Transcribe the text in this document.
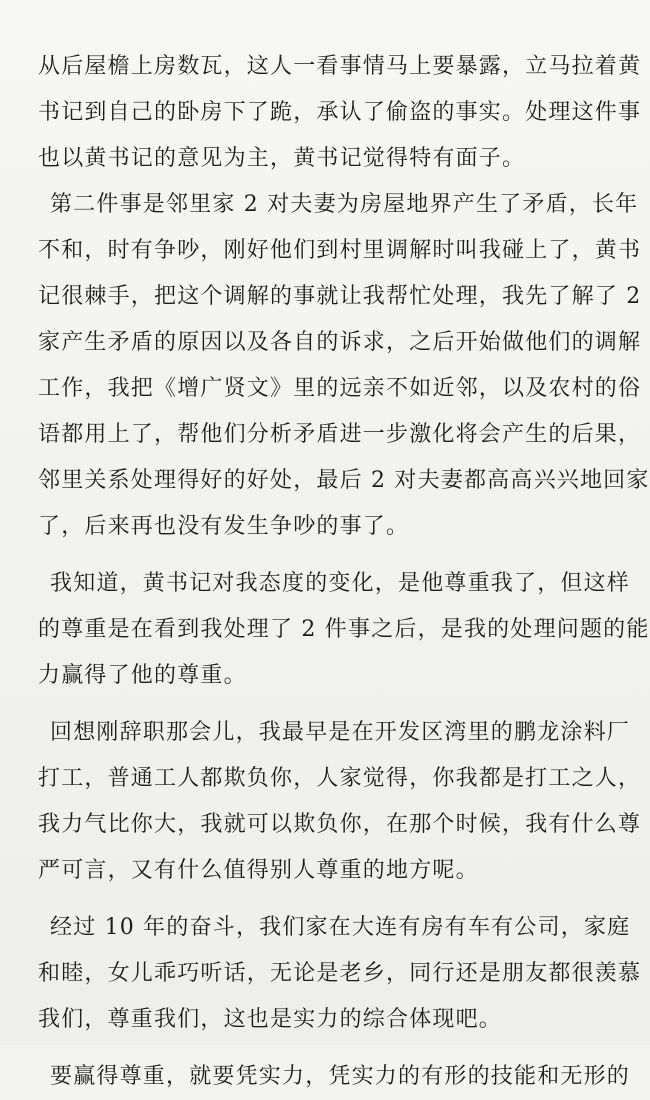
从后屋檐上房数瓦，这人一看事情马上要暴露，立马拉着黄
书记到自己的卧房下了跪，承认了偷盗的事实。处理这件事
也以黄书记的意见为主，黄书记觉得特有面子。
第二件事是邻里家 2 对夫妻为房屋地界产生了矛盾，长年
不和，时有争吵，刚好他们到村里调解时叫我碰上了，黄书
记很棘手，把这个调解的事就让我帮忙处理，我先了解了 2
家产生矛盾的原因以及各自的诉求，之后开始做他们的调解
工作，我把《增广贤文》里的远亲不如近邻，以及农村的俗
语都用上了，帮他们分析矛盾进一步激化将会产生的后果，
邻里关系处理得好的好处，最后 2 对夫妻都高高兴兴地回家
了，后来再也没有发生争吵的事了。
我知道，黄书记对我态度的变化，是他尊重我了，但这样
的尊重是在看到我处理了 2 件事之后，是我的处理问题的能
力赢得了他的尊重。
回想刚辞职那会儿，我最早是在开发区湾里的鹏龙涂料厂
打工，普通工人都欺负你，人家觉得，你我都是打工之人，
我力气比你大，我就可以欺负你，在那个时候，我有什么尊
严可言，又有什么值得别人尊重的地方呢。
经过 10 年的奋斗，我们家在大连有房有车有公司，家庭
和睦，女儿乖巧听话，无论是老乡，同行还是朋友都很羡慕
我们，尊重我们，这也是实力的综合体现吧。
要赢得尊重，就要凭实力，凭实力的有形的技能和无形的
